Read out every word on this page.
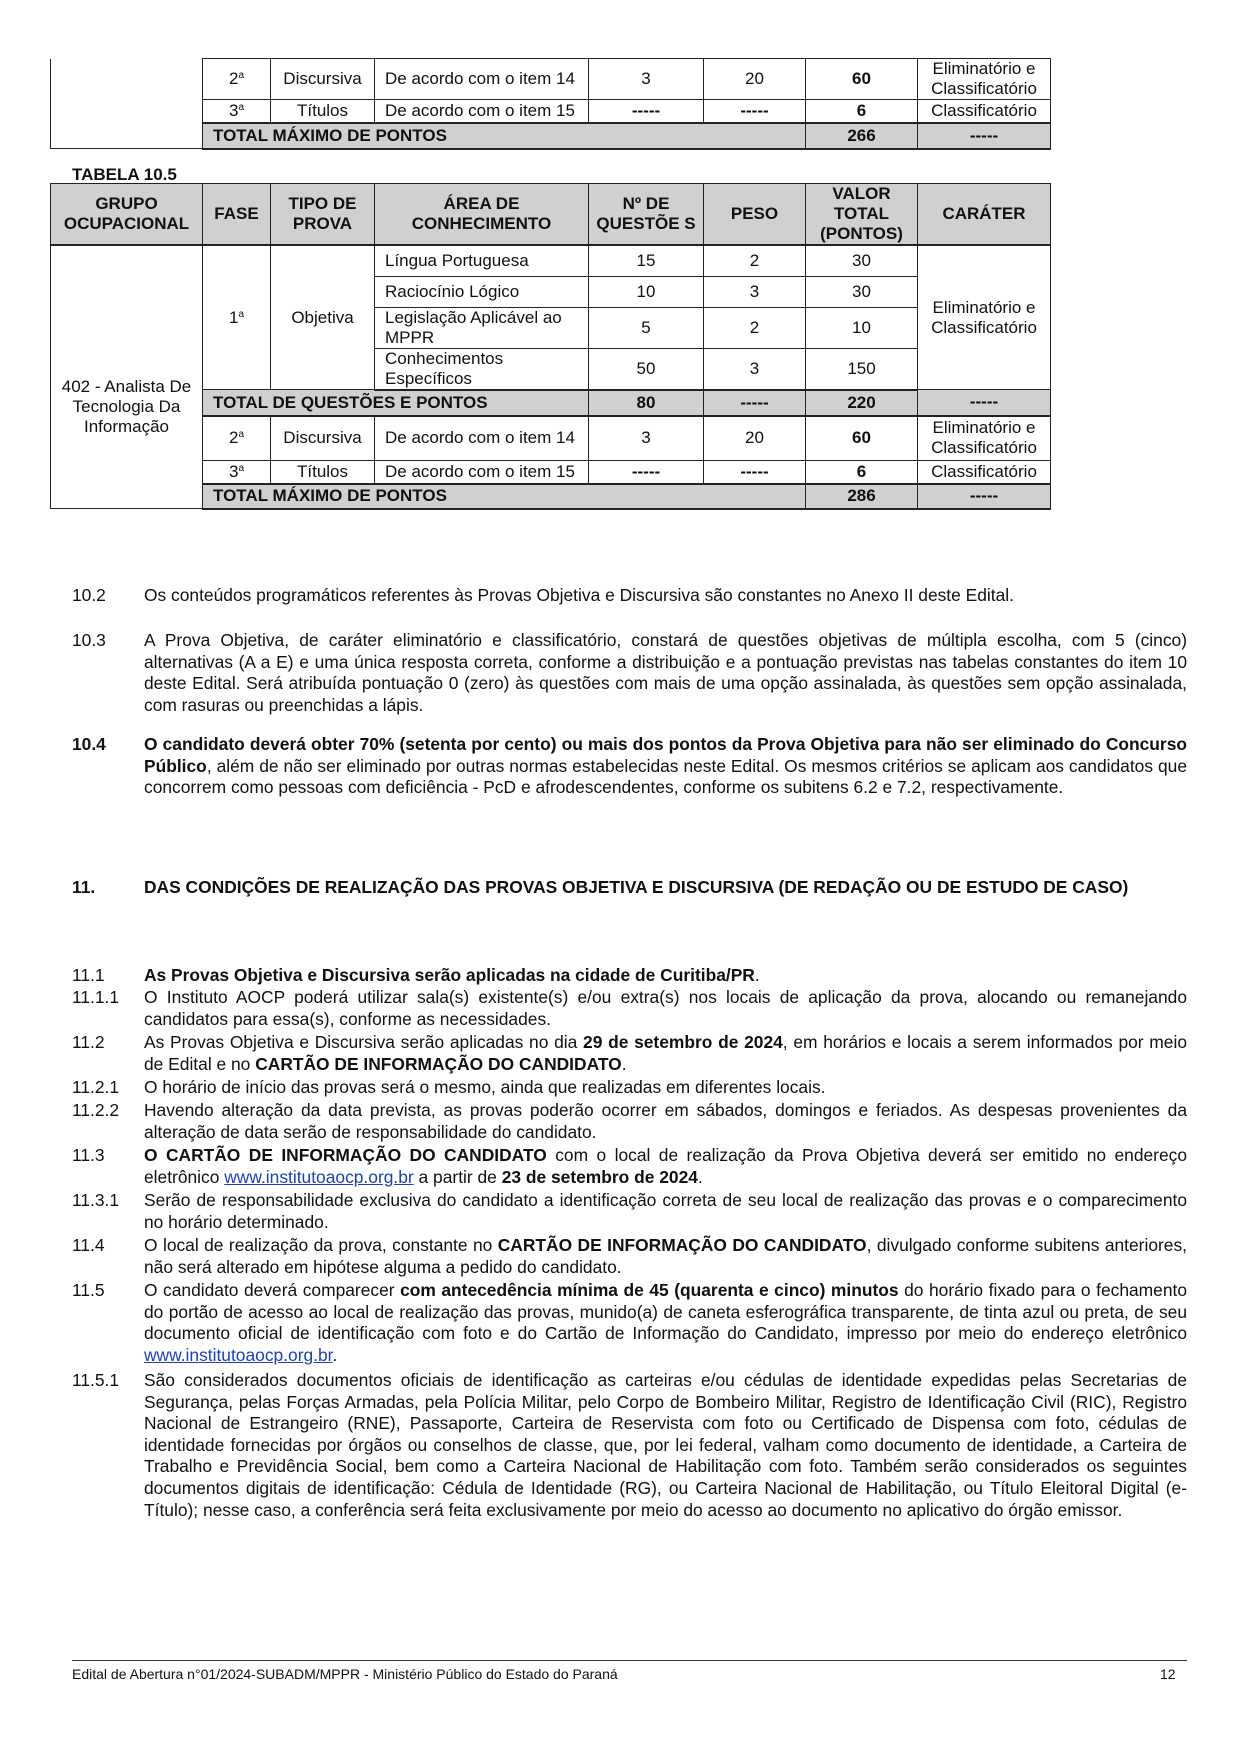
	2$^a$	Discursiva	De acordo com o item 14	3	20	60	Eliminatório e Classificatório
	3$^a$	Títulos	De acordo com o item 15	-----	-----	6	Classificatório
	TOTAL MÁXIMO DE PONTOS					266	-----
TABELA 10.5
GRUPO OCUPACIONAL	FASE	TIPO DE PROVA	ÁREA DE CONHECIMENTO	Nº DE QUESTÕE S	PESO	VALOR TOTAL (PONTOS)	CARÁTER
402 - Analista De Tecnologia Da Informação	1$^a$	Objetiva	Língua Portuguesa	15	2	30	Eliminatório e Classificatório
			Raciocínio Lógico	10	3	30	
			Legislação Aplicável ao MPPR	5	2	10	
			Conhecimentos Específicos	50	3	150	
	TOTAL DE QUESTÕES E PONTOS			80	-----	220	-----
	2$^a$	Discursiva	De acordo com o item 14	3	20	60	Eliminatório e Classificatório
	3$^a$	Títulos	De acordo com o item 15	-----	-----	6	Classificatório
	TOTAL MÁXIMO DE PONTOS					286	-----
10.2	Os conteúdos programáticos referentes às Provas Objetiva e Discursiva são constantes no Anexo II deste Edital.
10.3	A Prova Objetiva, de caráter eliminatório e classificatório, constará de questões objetivas de múltipla escolha, com 5 (cinco) alternativas (A a E) e uma única resposta correta, conforme a distribuição e a pontuação previstas nas tabelas constantes do item 10 deste Edital. Será atribuída pontuação 0 (zero) às questões com mais de uma opção assinalada, às questões sem opção assinalada, com rasuras ou preenchidas a lápis.
10.4	O candidato deverá obter 70% (setenta por cento) ou mais dos pontos da Prova Objetiva para não ser eliminado do Concurso Público, além de não ser eliminado por outras normas estabelecidas neste Edital. Os mesmos critérios se aplicam aos candidatos que concorrem como pessoas com deficiência - PcD e afrodescendentes, conforme os subitens 6.2 e 7.2, respectivamente.
11.	DAS CONDIÇÕES DE REALIZAÇÃO DAS PROVAS OBJETIVA E DISCURSIVA (DE REDAÇÃO OU DE ESTUDO DE CASO)
11.1	As Provas Objetiva e Discursiva serão aplicadas na cidade de Curitiba/PR.
11.1.1	O Instituto AOCP poderá utilizar sala(s) existente(s) e/ou extra(s) nos locais de aplicação da prova, alocando ou remanejando candidatos para essa(s), conforme as necessidades.
11.2	As Provas Objetiva e Discursiva serão aplicadas no dia 29 de setembro de 2024, em horários e locais a serem informados por meio de Edital e no CARTÃO DE INFORMAÇÃO DO CANDIDATO.
11.2.1	O horário de início das provas será o mesmo, ainda que realizadas em diferentes locais.
11.2.2	Havendo alteração da data prevista, as provas poderão ocorrer em sábados, domingos e feriados. As despesas provenientes da alteração de data serão de responsabilidade do candidato.
11.3	O CARTÃO DE INFORMAÇÃO DO CANDIDATO com o local de realização da Prova Objetiva deverá ser emitido no endereço eletrônico www.institutoaocp.org.br a partir de 23 de setembro de 2024.
11.3.1	Serão de responsabilidade exclusiva do candidato a identificação correta de seu local de realização das provas e o comparecimento no horário determinado.
11.4	O local de realização da prova, constante no CARTÃO DE INFORMAÇÃO DO CANDIDATO, divulgado conforme subitens anteriores, não será alterado em hipótese alguma a pedido do candidato.
11.5	O candidato deverá comparecer com antecedência mínima de 45 (quarenta e cinco) minutos do horário fixado para o fechamento do portão de acesso ao local de realização das provas, munido(a) de caneta esferográfica transparente, de tinta azul ou preta, de seu documento oficial de identificação com foto e do Cartão de Informação do Candidato, impresso por meio do endereço eletrônico www.institutoaocp.org.br.
11.5.1	São considerados documentos oficiais de identificação as carteiras e/ou cédulas de identidade expedidas pelas Secretarias de Segurança, pelas Forças Armadas, pela Polícia Militar, pelo Corpo de Bombeiro Militar, Registro de Identificação Civil (RIC), Registro Nacional de Estrangeiro (RNE), Passaporte, Carteira de Reservista com foto ou Certificado de Dispensa com foto, cédulas de identidade fornecidas por órgãos ou conselhos de classe, que, por lei federal, valham como documento de identidade, a Carteira de Trabalho e Previdência Social, bem como a Carteira Nacional de Habilitação com foto. Também serão considerados os seguintes documentos digitais de identificação: Cédula de Identidade (RG), ou Carteira Nacional de Habilitação, ou Título Eleitoral Digital (e-Título); nesse caso, a conferência será feita exclusivamente por meio do acesso ao documento no aplicativo do órgão emissor.
Edital de Abertura n°01/2024-SUBADM/MPPR - Ministério Público do Estado do Paraná	12
